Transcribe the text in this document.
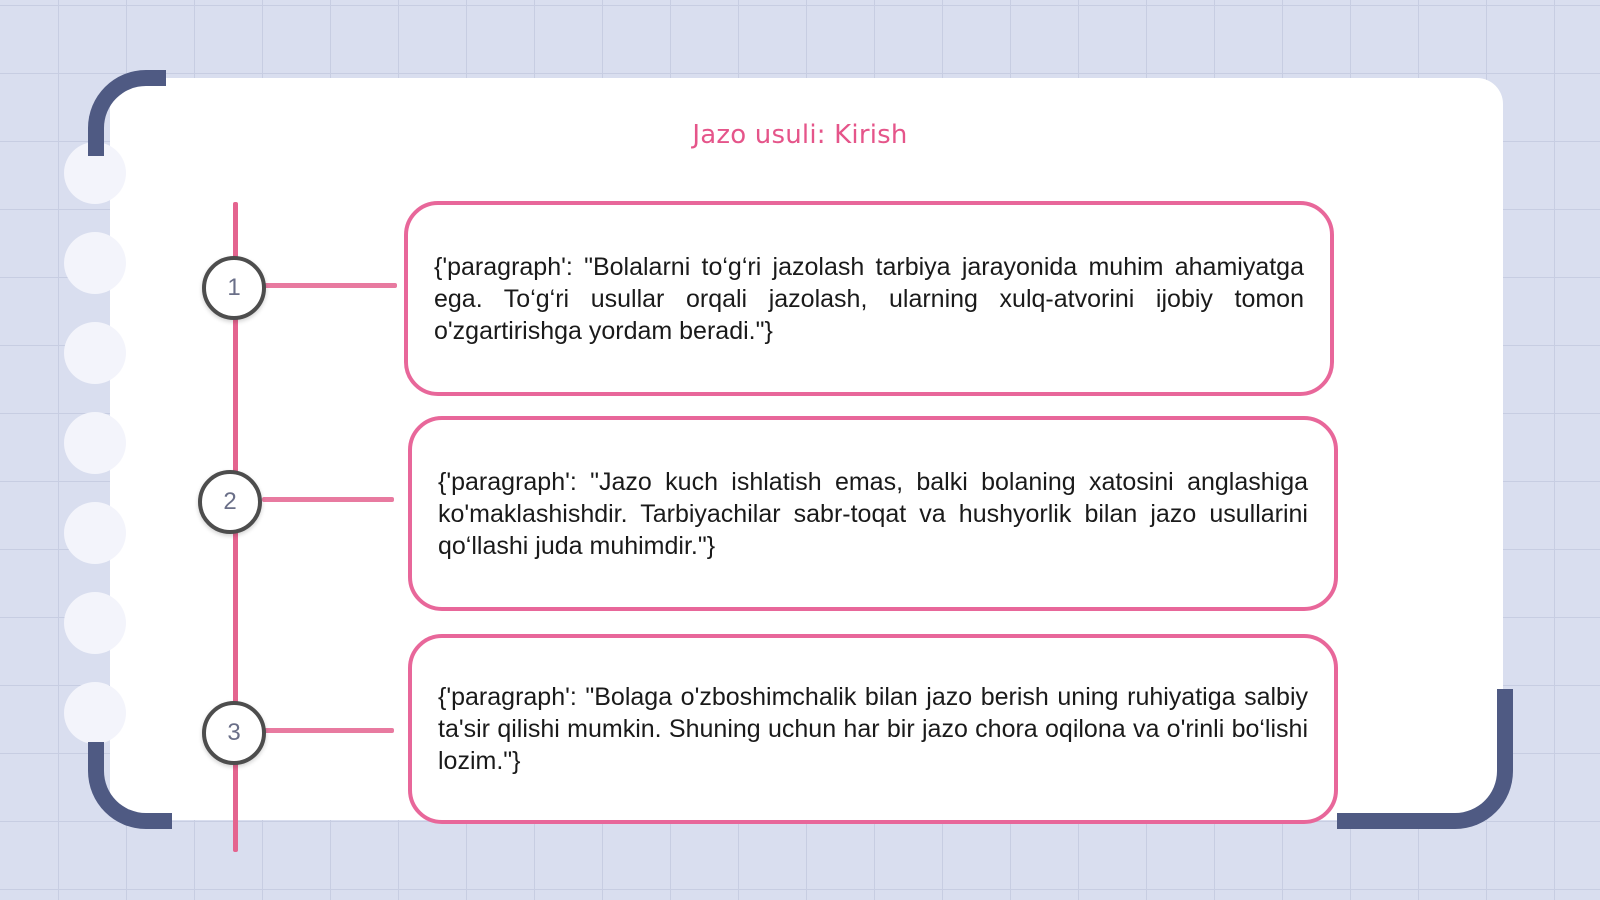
Jazo usuli: Kirish
1

{'paragraph': "Bolalarni to‘g‘ri jazolash tarbiya jarayonida muhim ahamiyatga ega. To‘g‘ri usullar orqali jazolash, ularning xulq-atvorini ijobiy tomon o'zgartirishga yordam beradi."}

2

{'paragraph': "Jazo kuch ishlatish emas, balki bolaning xatosini anglashiga ko'maklashishdir. Tarbiyachilar sabr-toqat va hushyorlik bilan jazo usullarini qo‘llashi juda muhimdir."}

3

{'paragraph': "Bolaga o'zboshimchalik bilan jazo berish uning ruhiyatiga salbiy ta'sir qilishi mumkin. Shuning uchun har bir jazo chora oqilona va o'rinli bo‘lishi lozim."}
